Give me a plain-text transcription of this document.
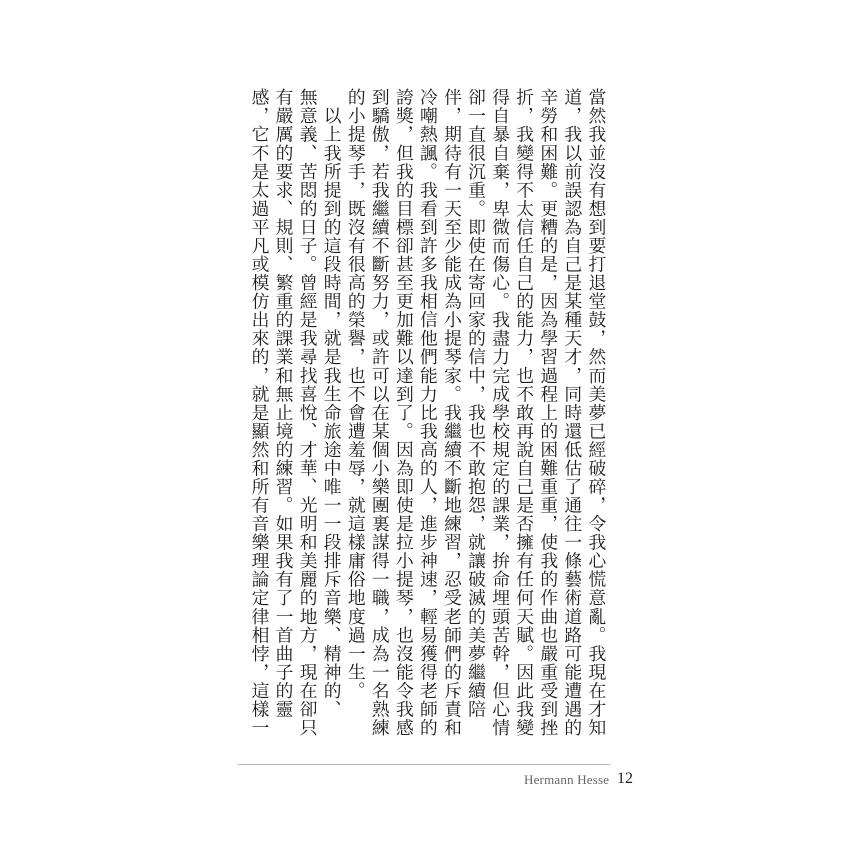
當然我並沒有想到要打退堂鼓，然而美夢已經破碎，令我心慌意亂。我現在才知
道，我以前誤認為自己是某種天才，同時還低估了通往一條藝術道路可能遭遇的
辛勞和困難。更糟的是，因為學習過程上的困難重重，使我的作曲也嚴重受到挫
折，我變得不太信任自己的能力，也不敢再說自己是否擁有任何天賦。因此我變
得自暴自棄，卑微而傷心。我盡力完成學校規定的課業，拚命埋頭苦幹，但心情
卻一直很沉重。即使在寄回家的信中，我也不敢抱怨，就讓破滅的美夢繼續陪
伴，期待有一天至少能成為小提琴家。我繼續不斷地練習，忍受老師們的斥責和
冷嘲熱諷。我看到許多我相信他們能力比我高的人，進步神速，輕易獲得老師的
誇獎，但我的目標卻甚至更加難以達到了。因為即使是拉小提琴，也沒能令我感
到驕傲，若我繼續不斷努力，或許可以在某個小樂團裏謀得一職，成為一名熟練
的小提琴手，既沒有很高的榮譽，也不會遭羞辱，就這樣庸俗地度過一生。
　以上我所提到的這段時間，就是我生命旅途中唯一一段排斥音樂、精神的、
無意義、苦悶的日子。曾經是我尋找喜悅、才華、光明和美麗的地方，現在卻只
有嚴厲的要求、規則、繁重的課業和無止境的練習。如果我有了一首曲子的靈
感，它不是太過平凡或模仿出來的，就是顯然和所有音樂理論定律相悖，這樣一
Hermann Hesse 12
